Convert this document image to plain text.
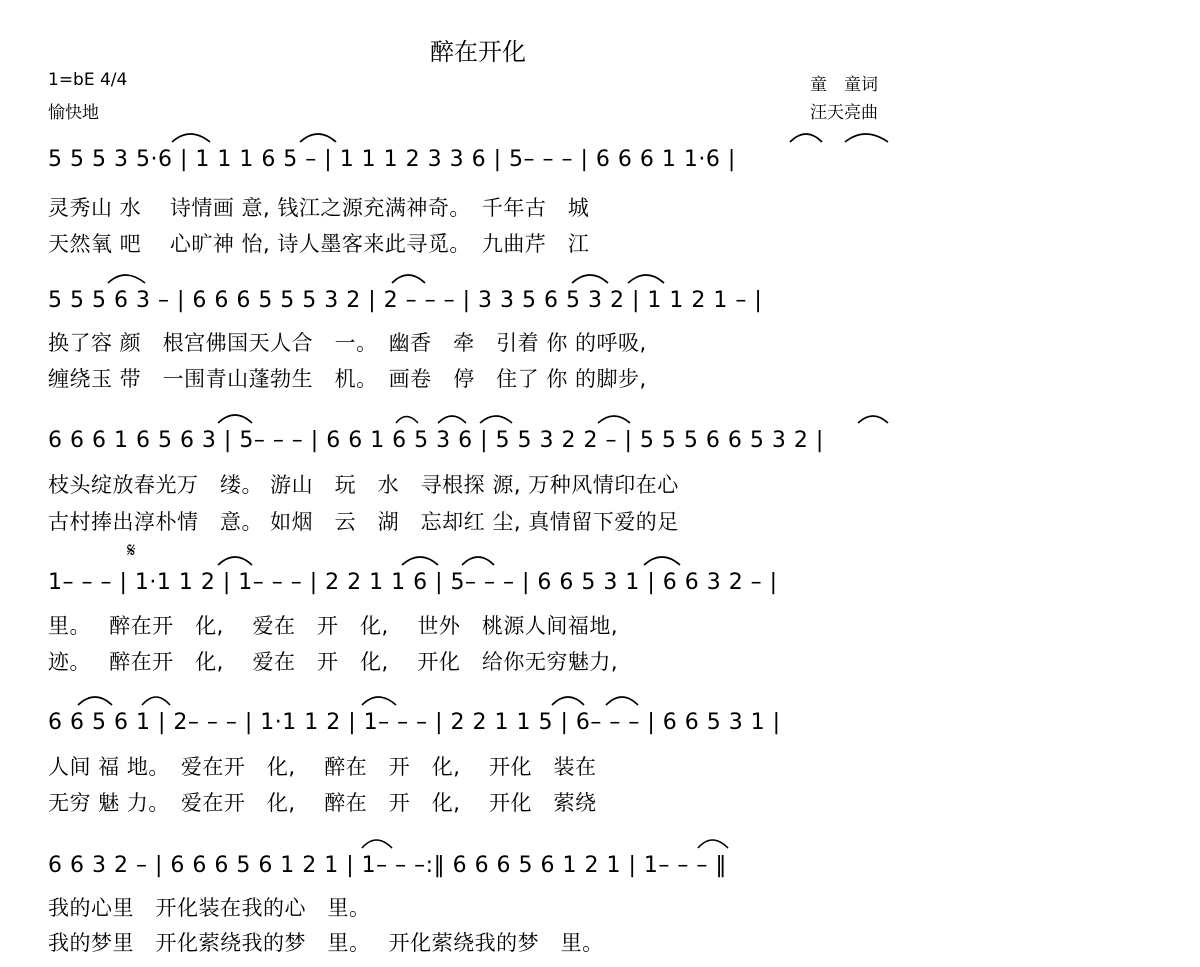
醉在开化
1=bE 4/4
愉快地
童　童词
汪天亮曲
5 5 5 3 5·6 | 1 1 1 6 5 – | 1 1 1 2 3 3 6 | 5– – – | 6 6 6 1 1·6 |
灵秀山 水　 诗情画 意, 钱江之源充满神奇。　千年古　城
天然氧 吧　 心旷神 怡, 诗人墨客来此寻觅。　九曲芹　江
5 5 5 6 3 – | 6 6 6 5 5 5 3 2 | 2 – – – | 3 3 5 6 5 3 2 | 1 1 2 1 – |
换了容 颜　根宫佛国天人合　一。　幽香　牵　引着 你 的呼吸,
缠绕玉 带　一围青山蓬勃生　机。　画卷　停　住了 你 的脚步,
6 6 6 1 6 5 6 3 | 5– – – | 6 6 1 6 5 3 6 | 5 5 3 2 2 – | 5 5 5 6 6 5 3 2 |
枝头绽放春光万　缕。 游山　玩　水　寻根探 源, 万种风情印在心
古村捧出淳朴情　意。 如烟　云　湖　忘却红 尘, 真情留下爱的足
𝄋
1– – – | 1·1 1 2 | 1– – – | 2 2 1 1 6 | 5– – – | 6 6 5 3 1 | 6 6 3 2 – |
里。　 醉在开　化,　 爱在　开　化,　 世外　桃源人间福地,
迹。　 醉在开　化,　 爱在　开　化,　 开化　给你无穷魅力,
6 6 5 6 1 | 2– – – | 1·1 1 2 | 1– – – | 2 2 1 1 5 | 6– – – | 6 6 5 3 1 |
人间 福 地。　爱在开　化,　 醉在　开　化,　 开化　装在
无穷 魅 力。　爱在开　化,　 醉在　开　化,　 开化　萦绕
6 6 3 2 – | 6 6 6 5 6 1 2 1 | 1– – –:‖ 6 6 6 5 6 1 2 1 | 1– – – ‖
我的心里　开化装在我的心　里。
我的梦里　开化萦绕我的梦　里。　 开化萦绕我的梦　里。
